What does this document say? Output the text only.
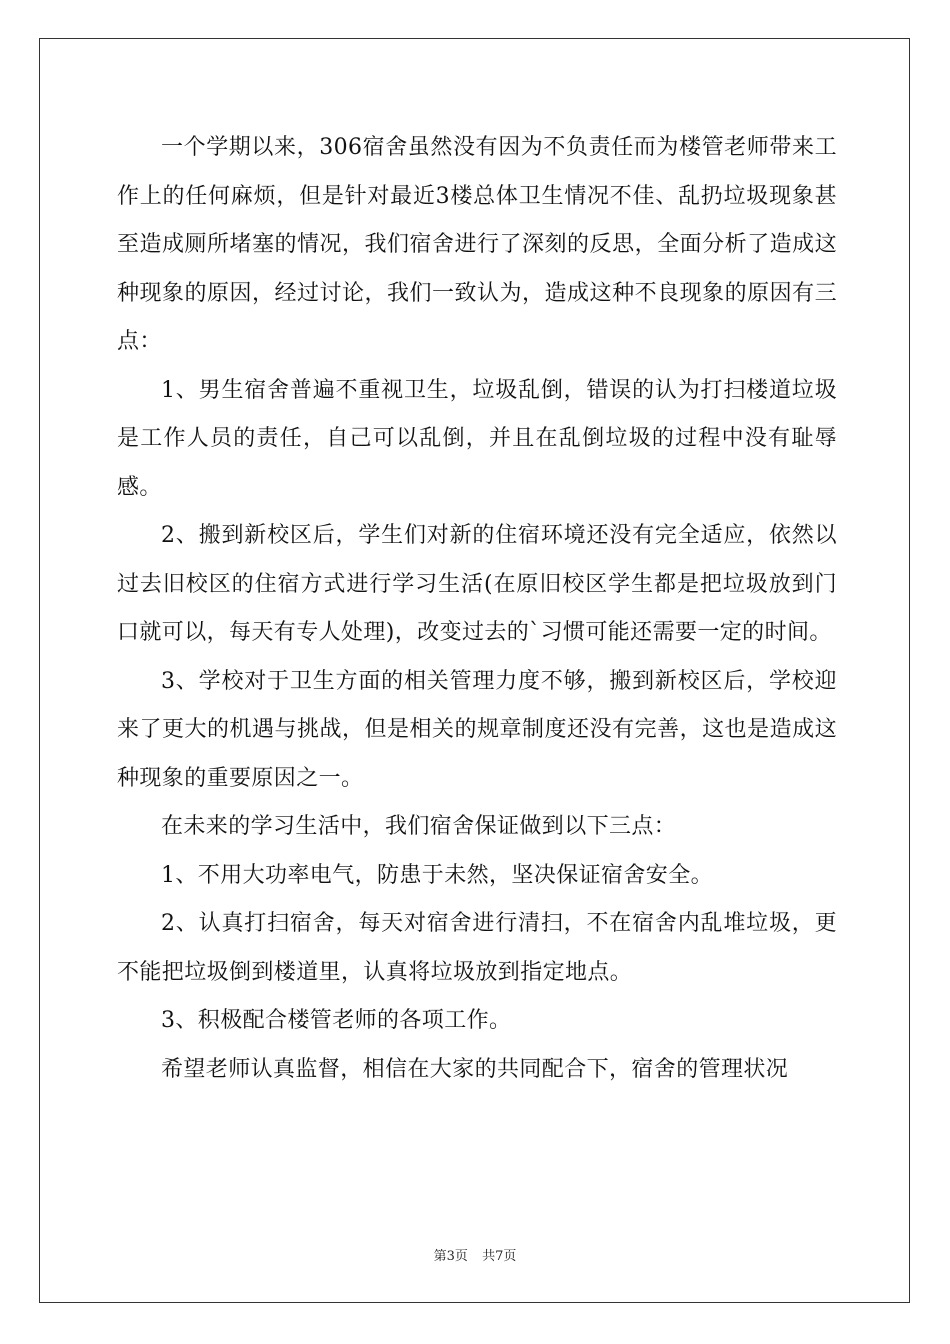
一个学期以来，306宿舍虽然没有因为不负责任而为楼管老师带来工作上的任何麻烦，但是针对最近3楼总体卫生情况不佳、乱扔垃圾现象甚至造成厕所堵塞的情况，我们宿舍进行了深刻的反思，全面分析了造成这种现象的原因，经过讨论，我们一致认为，造成这种不良现象的原因有三点：

1、男生宿舍普遍不重视卫生，垃圾乱倒，错误的认为打扫楼道垃圾是工作人员的责任，自己可以乱倒，并且在乱倒垃圾的过程中没有耻辱感。

2、搬到新校区后，学生们对新的住宿环境还没有完全适应，依然以过去旧校区的住宿方式进行学习生活(在原旧校区学生都是把垃圾放到门口就可以，每天有专人处理)，改变过去的`习惯可能还需要一定的时间。

3、学校对于卫生方面的相关管理力度不够，搬到新校区后，学校迎来了更大的机遇与挑战，但是相关的规章制度还没有完善，这也是造成这种现象的重要原因之一。

在未来的学习生活中，我们宿舍保证做到以下三点：

1、不用大功率电气，防患于未然，坚决保证宿舍安全。

2、认真打扫宿舍，每天对宿舍进行清扫，不在宿舍内乱堆垃圾，更不能把垃圾倒到楼道里，认真将垃圾放到指定地点。

3、积极配合楼管老师的各项工作。

希望老师认真监督，相信在大家的共同配合下，宿舍的管理状况

第3页 共7页
